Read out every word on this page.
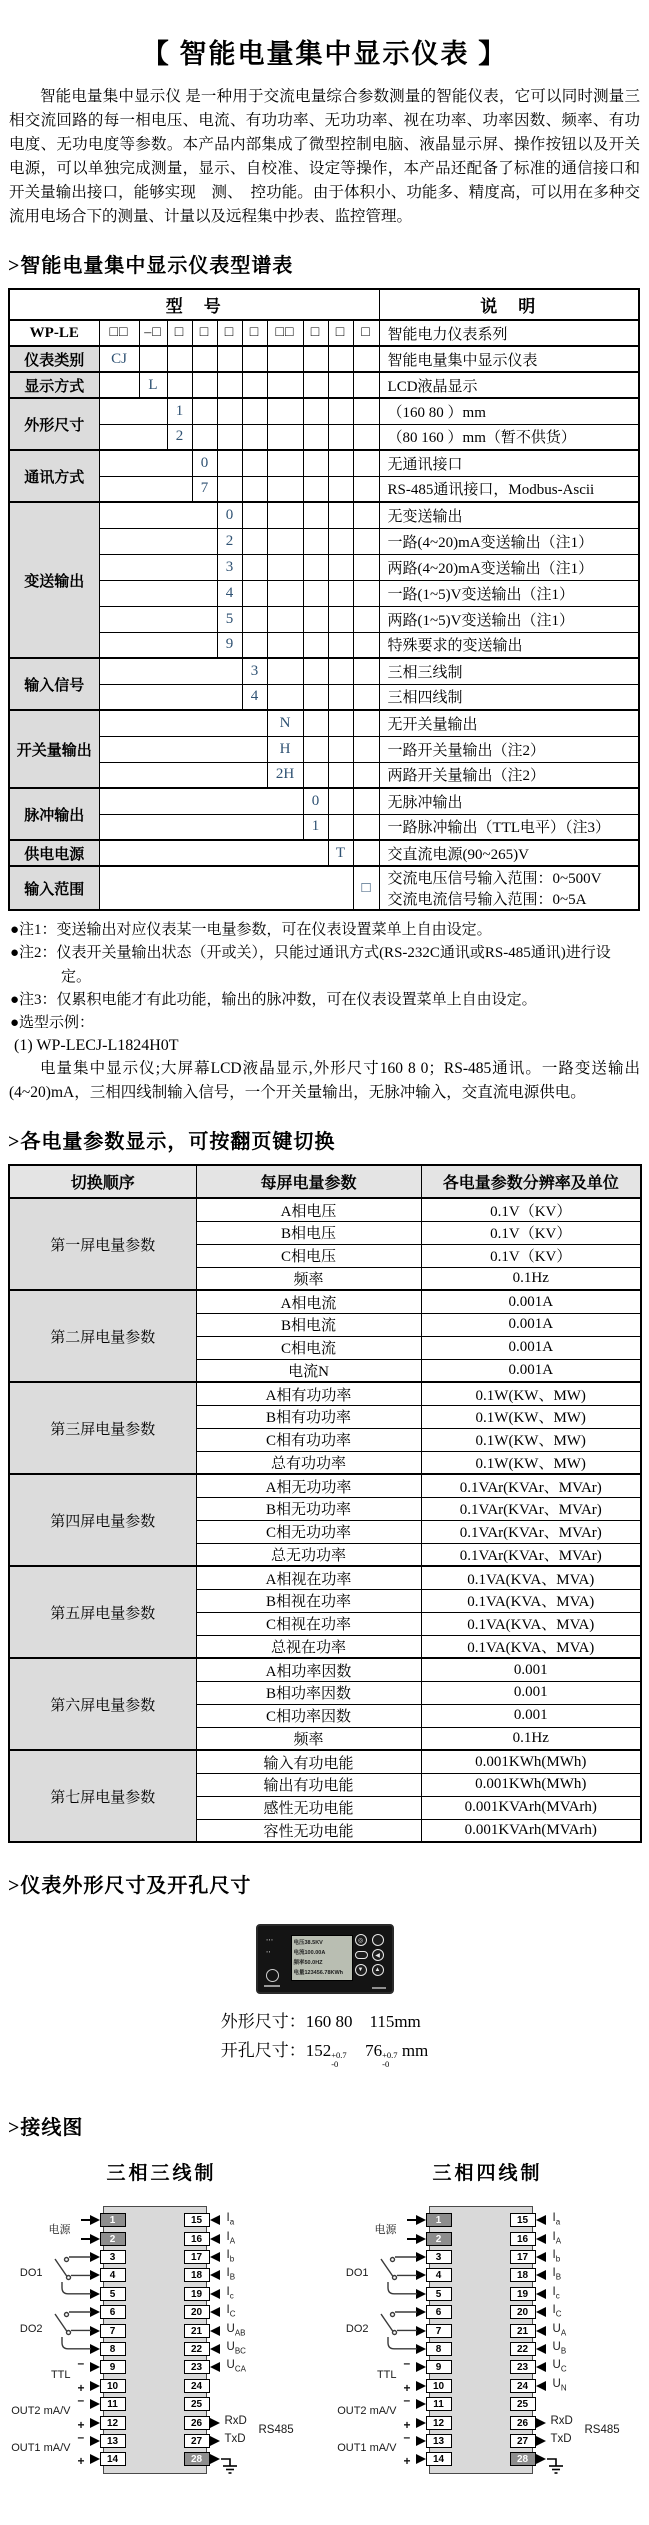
【 智能电量集中显示仪表 】
智能电量集中显示仪 是一种用于交流电量综合参数测量的智能仪表，它可以同时测量三相交流回路的每一相电压、电流、有功功率、无功功率、视在功率、功率因数、频率、有功电度、无功电度等参数。本产品内部集成了微型控制电脑、液晶显示屏、操作按钮以及开关电源，可以单独完成测量，显示、自校准、设定等操作，本产品还配备了标准的通信接口和开关量输出接口，能够实现　测、　控功能。由于体积小、功能多、精度高，可以用在多种交流用电场合下的测量、计量以及远程集中抄表、监控管理。
>智能电量集中显示仪表型谱表
型　号											说　明
WP-LE	□□	–□	□	□	□	□	□□	□	□	□	智能电力仪表系列
仪表类别	CJ										智能电量集中显示仪表
显示方式		L									LCD液晶显示
外形尺寸			1								（160 80 ）mm
			2								（80 160 ）mm（暂不供货）
通讯方式				0							无通讯接口
				7							RS-485通讯接口，Modbus-Ascii
变送输出					0						无变送输出
					2						一路(4~20)mA变送输出（注1）
					3						两路(4~20)mA变送输出（注1）
					4						一路(1~5)V变送输出（注1）
					5						两路(1~5)V变送输出（注1）
					9						特殊要求的变送输出
输入信号						3					三相三线制
						4					三相四线制
开关量输出							N				无开关量输出
							H				一路开关量输出（注2）
							2H				两路开关量输出（注2）
脉冲输出								0			无脉冲输出
								1			一路脉冲输出（TTL电平）（注3）
供电电源									T		交直流电源(90~265)V
输入范围										□	交流电压信号输入范围：0~500V
交流电流信号输入范围：0~5A
●注1：变送输出对应仪表某一电量参数，可在仪表设置菜单上自由设定。
●注2：仪表开关量输出状态（开或关），只能过通讯方式(RS-232C通讯或RS-485通讯)进行设定。
●注3：仅累积电能才有此功能，输出的脉冲数，可在仪表设置菜单上自由设定。
●选型示例：
(1) WP-LECJ-L1824H0T
电量集中显示仪;大屏幕LCD液晶显示,外形尺寸160 8 0；RS-485通讯。一路变送输出(4~20)mA，三相四线制输入信号，一个开关量输出，无脉冲输入，交直流电源供电。
>各电量参数显示，可按翻页键切换
切换顺序	每屏电量参数	各电量参数分辨率及单位
第一屏电量参数	A相电压	0.1V（KV）
	B相电压	0.1V（KV）
	C相电压	0.1V（KV）
	频率	0.1Hz
第二屏电量参数	A相电流	0.001A
	B相电流	0.001A
	C相电流	0.001A
	电流N	0.001A
第三屏电量参数	A相有功功率	0.1W(KW、MW)
	B相有功功率	0.1W(KW、MW)
	C相有功功率	0.1W(KW、MW)
	总有功功率	0.1W(KW、MW)
第四屏电量参数	A相无功功率	0.1VAr(KVAr、MVAr)
	B相无功功率	0.1VAr(KVAr、MVAr)
	C相无功功率	0.1VAr(KVAr、MVAr)
	总无功功率	0.1VAr(KVAr、MVAr)
第五屏电量参数	A相视在功率	0.1VA(KVA、MVA)
	B相视在功率	0.1VA(KVA、MVA)
	C相视在功率	0.1VA(KVA、MVA)
	总视在功率	0.1VA(KVA、MVA)
第六屏电量参数	A相功率因数	0.001
	B相功率因数	0.001
	C相功率因数	0.001
	频率	0.1Hz
第七屏电量参数	输入有功电能	0.001KWh(MWh)
	输出有功电能	0.001KWh(MWh)
	感性无功电能	0.001KVArh(MVArh)
	容性无功电能	0.001KVArh(MVArh)
>仪表外形尺寸及开孔尺寸
▪ ▪ ▪
▪ ▪
电压38.5KV
电流100.00A
频率50.0HZ
电量123456.78KWh
◎
◀
▼	▲
外形尺寸：160 80　115mm
开孔尺寸：152 +0.7
-0
76 +0.7
-0
mm
>接线图
三相三线制
1	15
2	16
3	17
4	18
5	19
6	20
7	21
8	22
9	23
10	24
11	25
12	26
13	27
14	28
$I_a$
$I_A$
$I_b$
$I_B$
$I_c$
$I_C$
$U_{AB}$
$U_{BC}$
$U_{CA}$
RxD
TxD
RS485
电源
DO1
DO2
TTL
–
+
OUT2 mA/V
–
+
OUT1 mA/V
–
+
三相四线制
1	15
2	16
3	17
4	18
5	19
6	20
7	21
8	22
9	23
10	24
11	25
12	26
13	27
14	28
$I_a$
$I_A$
$I_b$
$I_B$
$I_c$
$I_C$
$U_A$
$U_B$
$U_C$
$U_N$
RxD
TxD
RS485
电源
DO1
DO2
TTL
–
+
OUT2 mA/V
–
+
OUT1 mA/V
–
+
